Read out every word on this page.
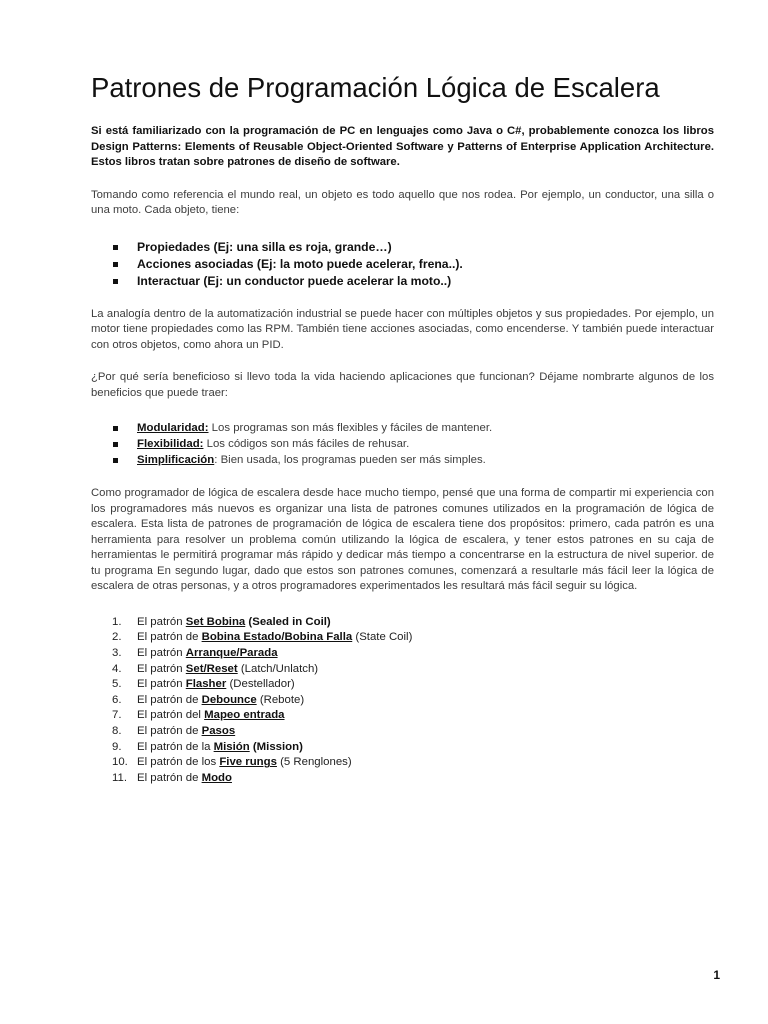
Patrones de Programación Lógica de Escalera

Si está familiarizado con la programación de PC en lenguajes como Java o C#, probablemente conozca los libros Design Patterns: Elements of Reusable Object-Oriented Software y Patterns of Enterprise Application Architecture. Estos libros tratan sobre patrones de diseño de software.

Tomando como referencia el mundo real, un objeto es todo aquello que nos rodea. Por ejemplo, un conductor, una silla o una moto. Cada objeto, tiene:

Propiedades (Ej: una silla es roja, grande…)
Acciones asociadas (Ej: la moto puede acelerar, frena..).
Interactuar (Ej: un conductor puede acelerar la moto..)

La analogía dentro de la automatización industrial se puede hacer con múltiples objetos y sus propiedades. Por ejemplo, un motor tiene propiedades como las RPM. También tiene acciones asociadas, como encenderse. Y también puede interactuar con otros objetos, como ahora un PID.

¿Por qué sería beneficioso si llevo toda la vida haciendo aplicaciones que funcionan? Déjame nombrarte algunos de los beneficios que puede traer:

Modularidad: Los programas son más flexibles y fáciles de mantener.
Flexibilidad: Los códigos son más fáciles de rehusar.
Simplificación: Bien usada, los programas pueden ser más simples.

Como programador de lógica de escalera desde hace mucho tiempo, pensé que una forma de compartir mi experiencia con los programadores más nuevos es organizar una lista de patrones comunes utilizados en la programación de lógica de escalera. Esta lista de patrones de programación de lógica de escalera tiene dos propósitos: primero, cada patrón es una herramienta para resolver un problema común utilizando la lógica de escalera, y tener estos patrones en su caja de herramientas le permitirá programar más rápido y dedicar más tiempo a concentrarse en la estructura de nivel superior. de tu programa En segundo lugar, dado que estos son patrones comunes, comenzará a resultarle más fácil leer la lógica de escalera de otras personas, y a otros programadores experimentados les resultará más fácil seguir su lógica.

1.	El patrón Set Bobina (Sealed in Coil)
2.	El patrón de Bobina Estado/Bobina Falla (State Coil)
3.	El patrón Arranque/Parada
4.	El patrón Set/Reset (Latch/Unlatch)
5.	El patrón Flasher (Destellador)
6.	El patrón de Debounce (Rebote)
7.	El patrón del Mapeo entrada
8.	El patrón de Pasos
9.	El patrón de la Misión (Mission)
10. El patrón de los Five rungs (5 Renglones)
11. El patrón de Modo
1
